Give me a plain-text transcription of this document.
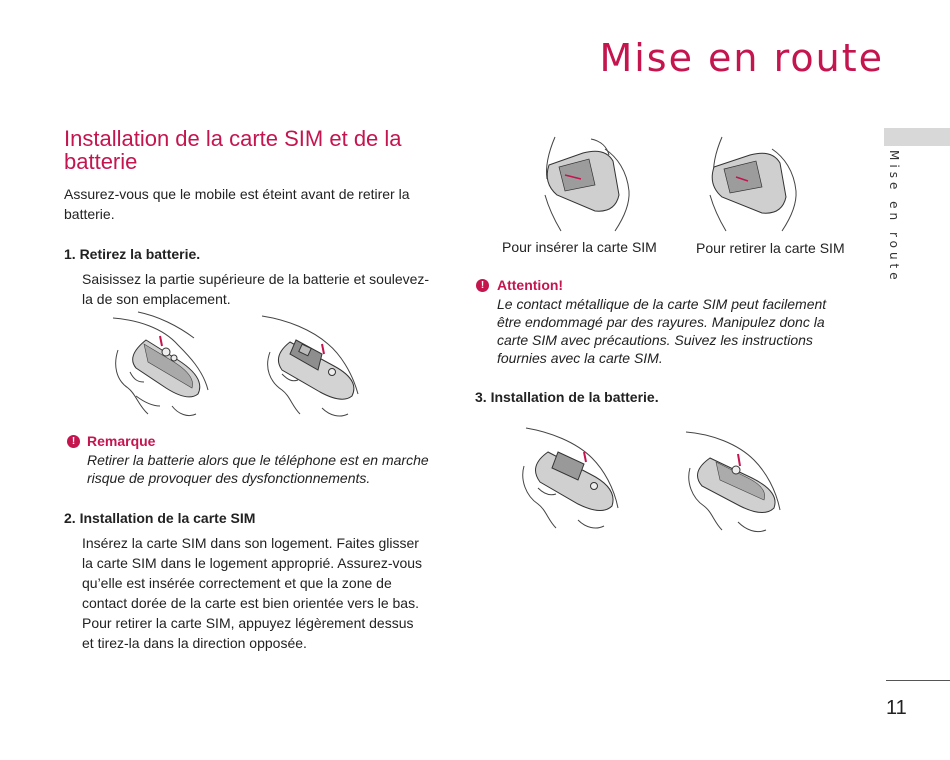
Mise en route
Mise en route
11
Installation de la carte SIM et de la batterie

Assurez-vous que le mobile est éteint avant de retirer la batterie.

1. Retirez la batterie.

Saisissez la partie supérieure de la batterie et soulevez-la de son emplacement.

! Remarque

Retirer la batterie alors que le téléphone est en marche risque de provoquer des dysfonctionnements.

2. Installation de la carte SIM

Insérez la carte SIM dans son logement. Faites glisser la carte SIM dans le logement approprié. Assurez-vous qu’elle est insérée correctement et que la zone de contact dorée de la carte est bien orientée vers le bas. Pour retirer la carte SIM, appuyez légèrement dessus et tirez-la dans la direction opposée.

Pour insérer la carte SIM	Pour retirer la carte SIM
! Attention!

Le contact métallique de la carte SIM peut facilement être endommagé par des rayures. Manipulez donc la carte SIM avec précautions. Suivez les instructions fournies avec la carte SIM.

3. Installation de la batterie.
